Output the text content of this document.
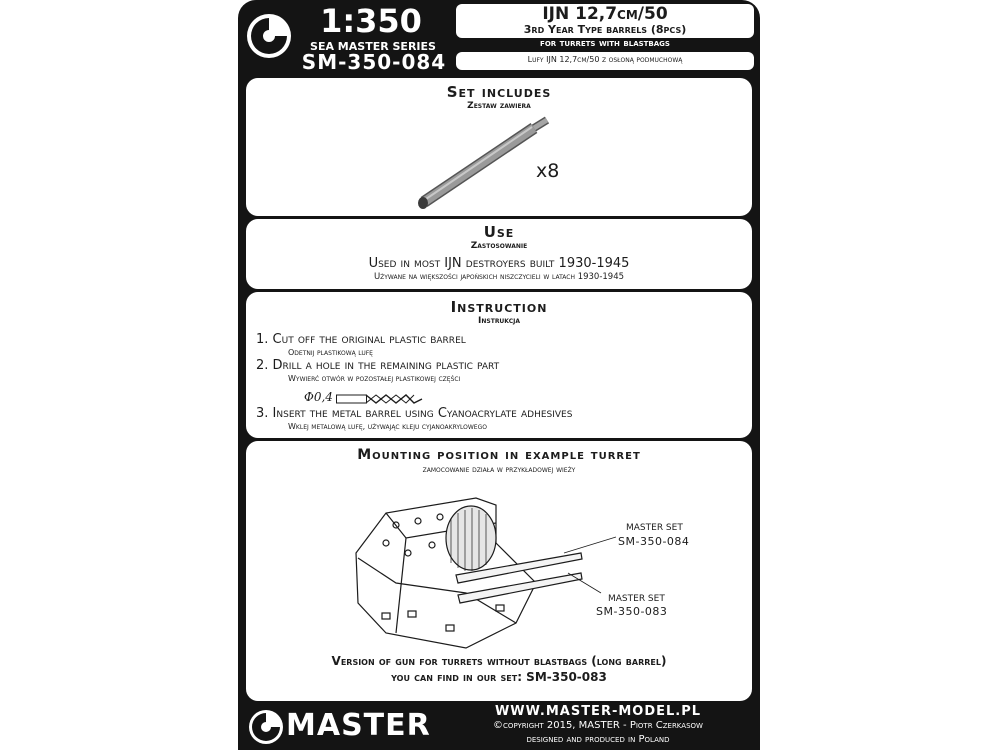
1:350
SEA MASTER SERIES
SM-350-084
IJN 12,7cm/50
3rd Year Type barrels (8pcs)
for turrets with blastbags
Lufy IJN 12,7cm/50 z osłoną podmuchową
Set includes
Zestaw zawiera
x8
Use
Zastosowanie
Used in most IJN destroyers built 1930-1945
Używane na większości japońskich niszczycieli w latach 1930-1945
Instruction
Instrukcja
1. Cut off the original plastic barrel
Odetnij plastikową lufę
2. Drill a hole in the remaining plastic part
Wywierć otwór w pozostałej plastikowej części
Φ0,4
3. Insert the metal barrel using Cyanoacrylate adhesives
Wklej metalową lufę, używając kleju cyjanoakrylowego
Mounting position in example turret
zamocowanie działa w przykładowej wieży
MASTER SET
SM-350-084
MASTER SET
SM-350-083
Version of gun for turrets without blastbags (long barrel)
you can find in our set: SM-350-083
MASTER	WWW.MASTER-MODEL.PL
©copyright 2015, MASTER - Piotr Czerkasow
designed and produced in Poland
